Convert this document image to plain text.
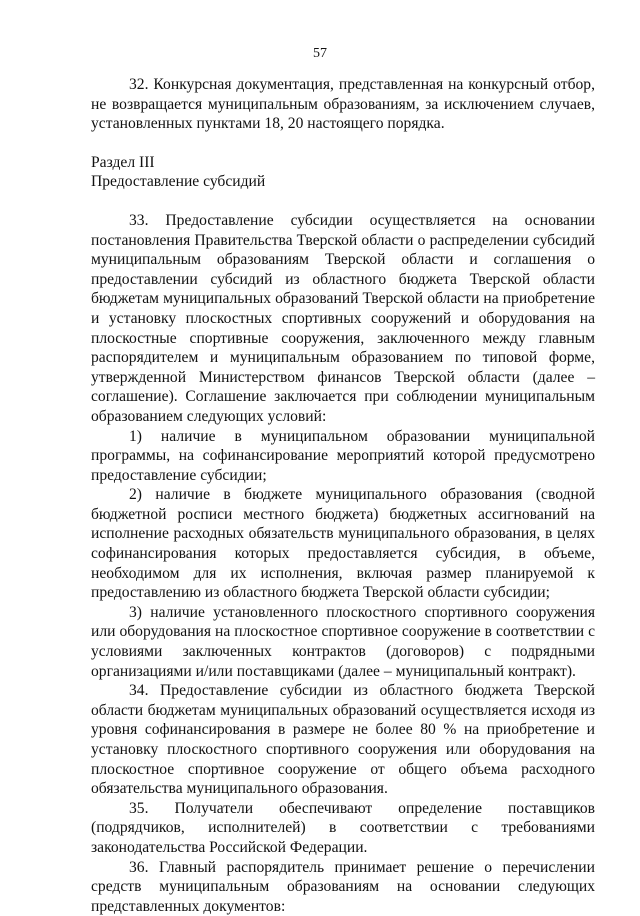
57

32. Конкурсная документация, представленная на конкурсный отбор, не возвращается муниципальным образованиям, за исключением случаев, установленных пунктами 18, 20 настоящего порядка.

Раздел III

Предоставление субсидий

33. Предоставление субсидии осуществляется на основании постановления Правительства Тверской области о распределении субсидий муниципальным образованиям Тверской области и соглашения о предоставлении субсидий из областного бюджета Тверской области бюджетам муниципальных образований Тверской области на приобретение и установку плоскостных спортивных сооружений и оборудования на плоскостные спортивные сооружения, заключенного между главным распорядителем и муниципальным образованием по типовой форме, утвержденной Министерством финансов Тверской области (далее – соглашение). Соглашение заключается при соблюдении муниципальным образованием следующих условий:

1) наличие в муниципальном образовании муниципальной программы, на софинансирование мероприятий которой предусмотрено предоставление субсидии;

2) наличие в бюджете муниципального образования (сводной бюджетной росписи местного бюджета) бюджетных ассигнований на исполнение расходных обязательств муниципального образования, в целях софинансирования которых предоставляется субсидия, в объеме, необходимом для их исполнения, включая размер планируемой к предоставлению из областного бюджета Тверской области субсидии;

3) наличие установленного плоскостного спортивного сооружения или оборудования на плоскостное спортивное сооружение в соответствии с условиями заключенных контрактов (договоров) с подрядными организациями и/или поставщиками (далее – муниципальный контракт).

34. Предоставление субсидии из областного бюджета Тверской области бюджетам муниципальных образований осуществляется исходя из уровня софинансирования в размере не более 80 % на приобретение и установку плоскостного спортивного сооружения или оборудования на плоскостное спортивное сооружение от общего объема расходного обязательства муниципального образования.

35. Получатели обеспечивают определение поставщиков (подрядчиков, исполнителей) в соответствии с требованиями законодательства Российской Федерации.

36. Главный распорядитель принимает решение о перечислении средств муниципальным образованиям на основании следующих представленных документов:
